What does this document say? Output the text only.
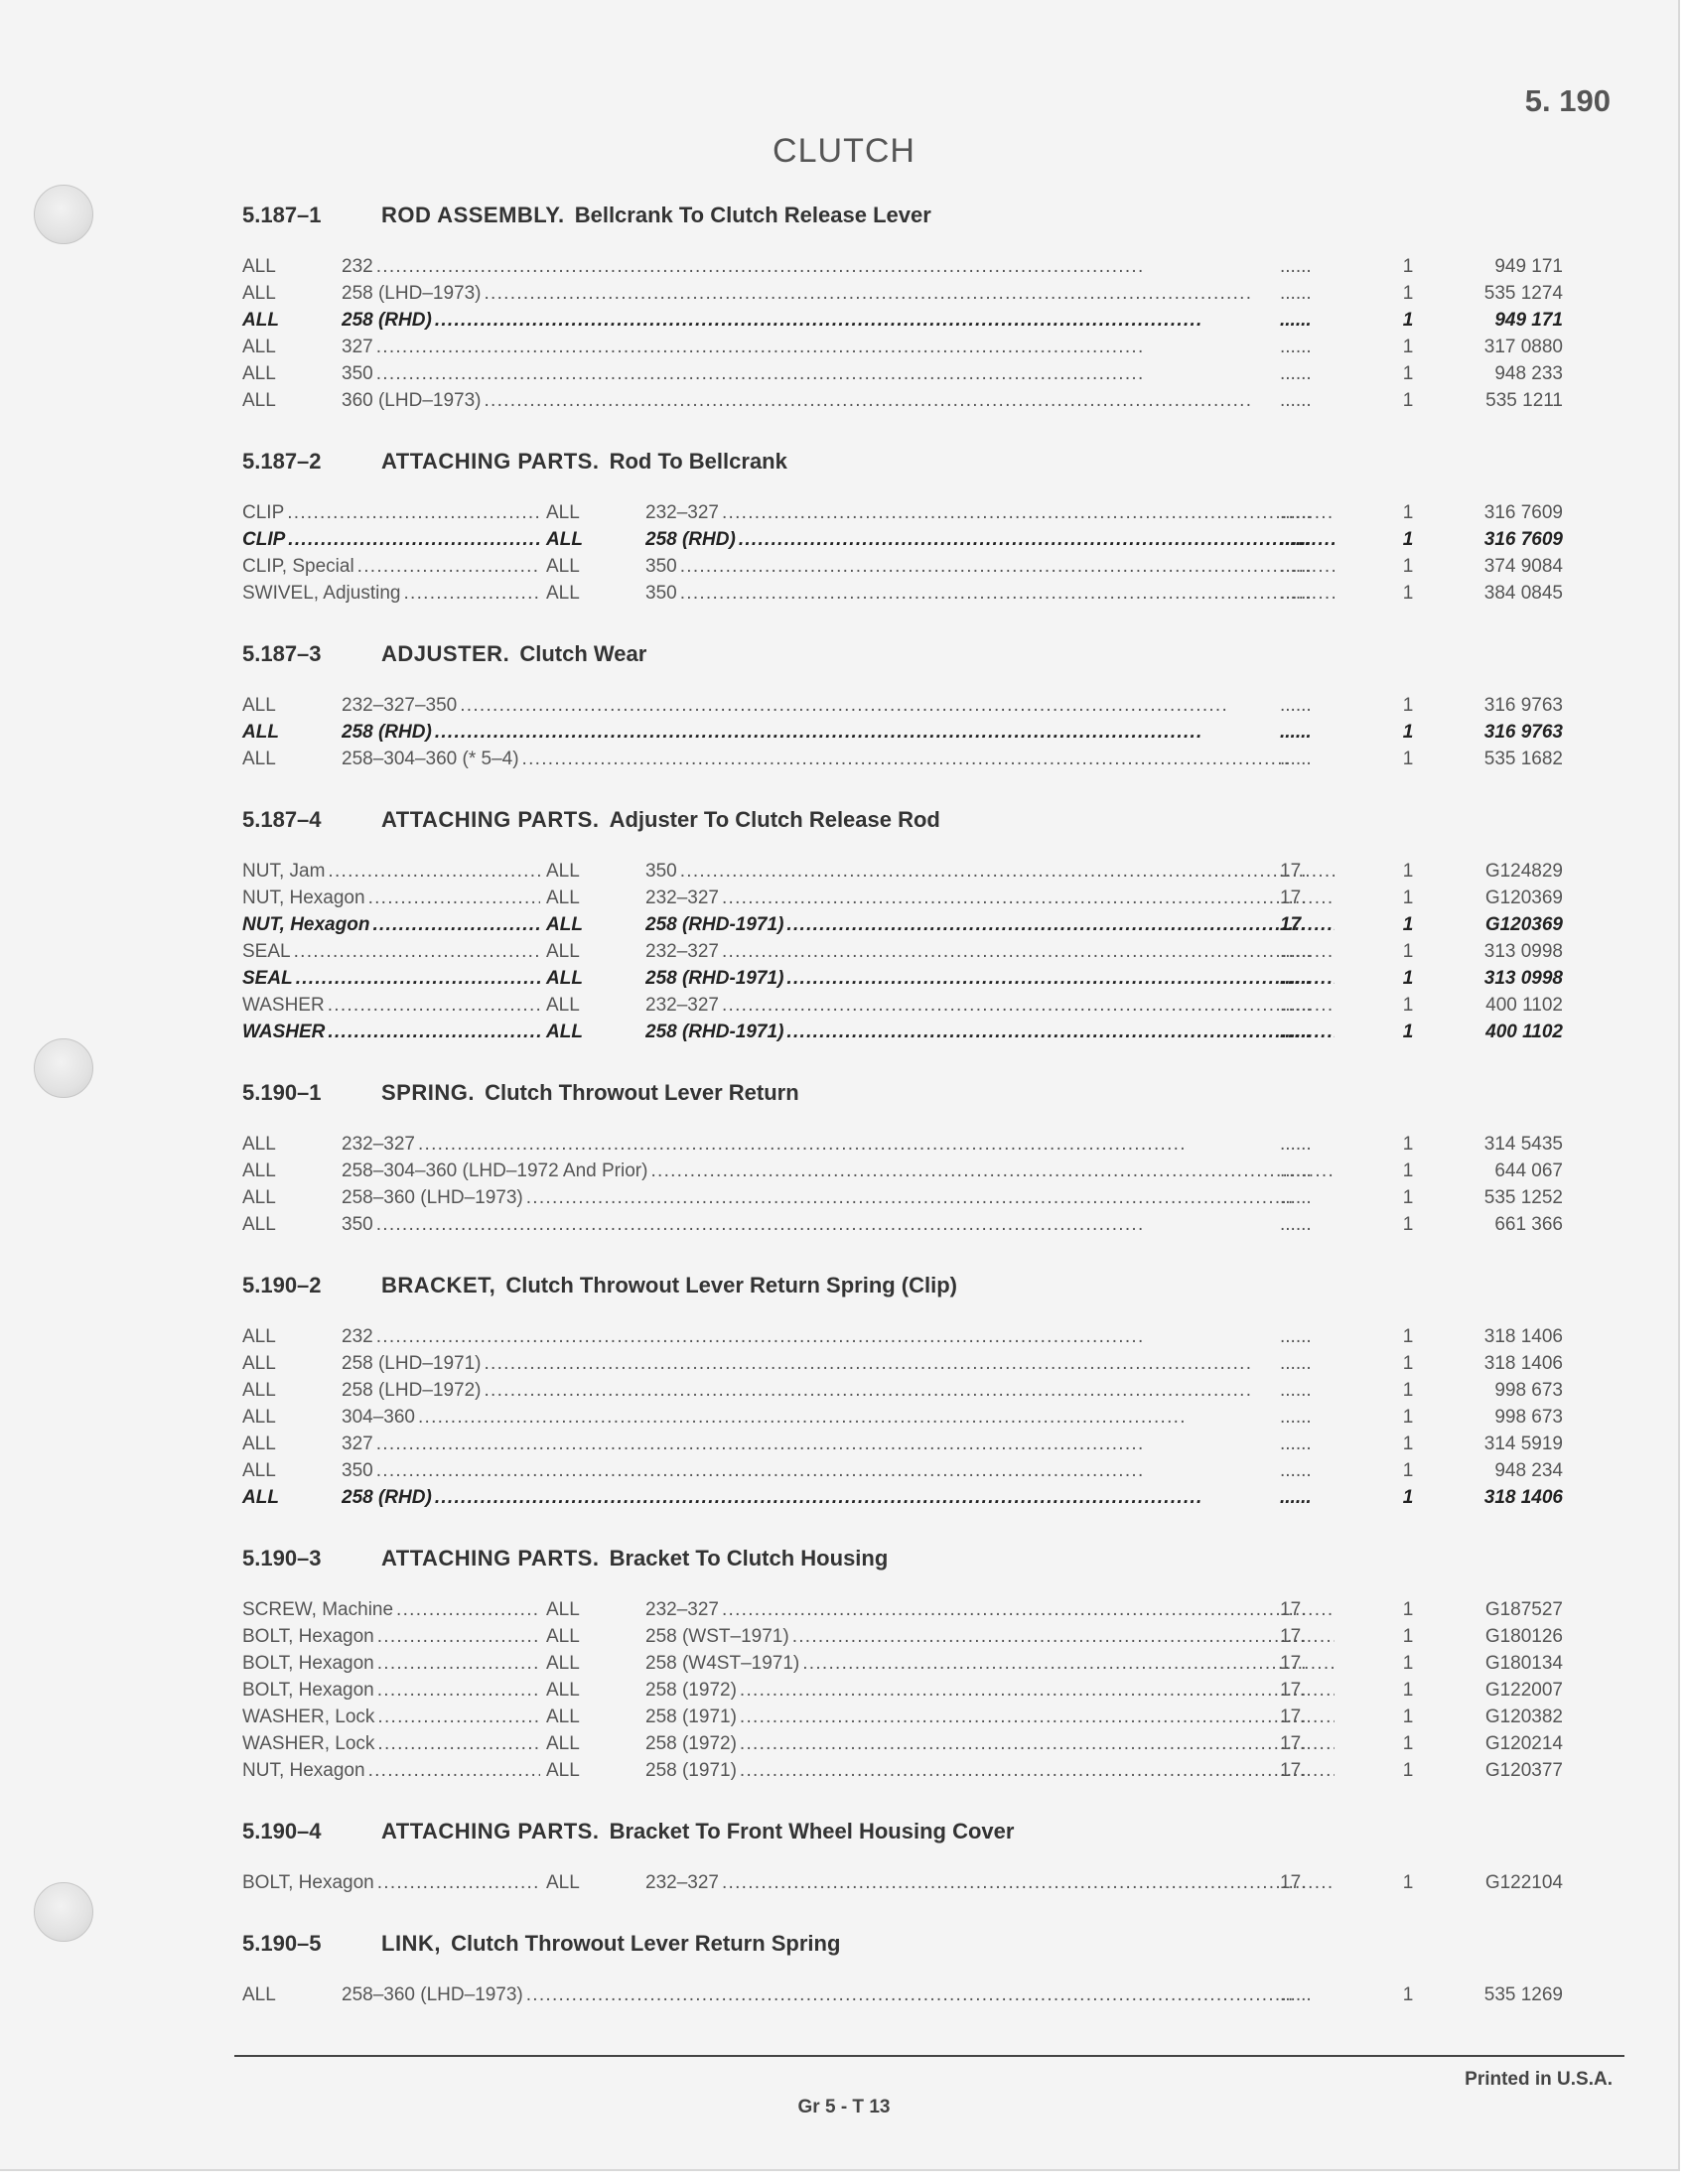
5. 190
CLUTCH
5.187–1	ROD ASSEMBLY. Bellcrank To Clutch Release Lever
ALL	232 . . .	......	1	949 171
ALL	258 (LHD–1973) . . .	......	1	535 1274
ALL	258 (RHD) . . .	......	1	949 171
ALL	327 . . .	......	1	317 0880
ALL	350 . . .	......	1	948 233
ALL	360 (LHD–1973) . . .	......	1	535 1211
5.187–2	ATTACHING PARTS. Rod To Bellcrank
CLIP . . .	ALL	232–327 . . .	......	1	316 7609
CLIP . . .	ALL	258 (RHD) . . .	......	1	316 7609
CLIP, Special . . .	ALL	350 . . .	......	1	374 9084
SWIVEL, Adjusting . . .	ALL	350 . . .	......	1	384 0845
5.187–3	ADJUSTER. Clutch Wear
ALL	232–327–350 . . .	......	1	316 9763
ALL	258 (RHD) . . .	......	1	316 9763
ALL	258–304–360 (* 5–4) . . .	......	1	535 1682
5.187–4	ATTACHING PARTS. Adjuster To Clutch Release Rod
NUT, Jam . . .	ALL	350 . . .	17.	1	G124829
NUT, Hexagon . . .	ALL	232–327 . . .	17.	1	G120369
NUT, Hexagon . . .	ALL	258 (RHD-1971) . . .	17.	1	G120369
SEAL . . .	ALL	232–327 . . .	......	1	313 0998
SEAL . . .	ALL	258 (RHD-1971) . . .	......	1	313 0998
WASHER . . .	ALL	232–327 . . .	......	1	400 1102
WASHER . . .	ALL	258 (RHD-1971) . . .	......	1	400 1102
5.190–1	SPRING. Clutch Throwout Lever Return
ALL	232–327 . . .	......	1	314 5435
ALL	258–304–360 (LHD–1972 And Prior) . . .	......	1	644 067
ALL	258–360 (LHD–1973) . . .	......	1	535 1252
ALL	350 . . .	......	1	661 366
5.190–2	BRACKET, Clutch Throwout Lever Return Spring (Clip)
ALL	232 . . .	......	1	318 1406
ALL	258 (LHD–1971) . . .	......	1	318 1406
ALL	258 (LHD–1972) . . .	......	1	998 673
ALL	304–360 . . .	......	1	998 673
ALL	327 . . .	......	1	314 5919
ALL	350 . . .	......	1	948 234
ALL	258 (RHD) . . .	......	1	318 1406
5.190–3	ATTACHING PARTS. Bracket To Clutch Housing
SCREW, Machine . . .	ALL	232–327 . . .	17.	1	G187527
BOLT, Hexagon . . .	ALL	258 (WST–1971) . . .	17.	1	G180126
BOLT, Hexagon . . .	ALL	258 (W4ST–1971) . . .	17.	1	G180134
BOLT, Hexagon . . .	ALL	258 (1972) . . .	17.	1	G122007
WASHER, Lock . . .	ALL	258 (1971) . . .	17.	1	G120382
WASHER, Lock . . .	ALL	258 (1972) . . .	17.	1	G120214
NUT, Hexagon . . .	ALL	258 (1971) . . .	17.	1	G120377
5.190–4	ATTACHING PARTS. Bracket To Front Wheel Housing Cover
BOLT, Hexagon . . .	ALL	232–327 . . .	17.	1	G122104
5.190–5	LINK, Clutch Throwout Lever Return Spring
ALL	258–360 (LHD–1973) . . .	......	1	535 1269
Printed in U.S.A.
Gr 5 - T 13
